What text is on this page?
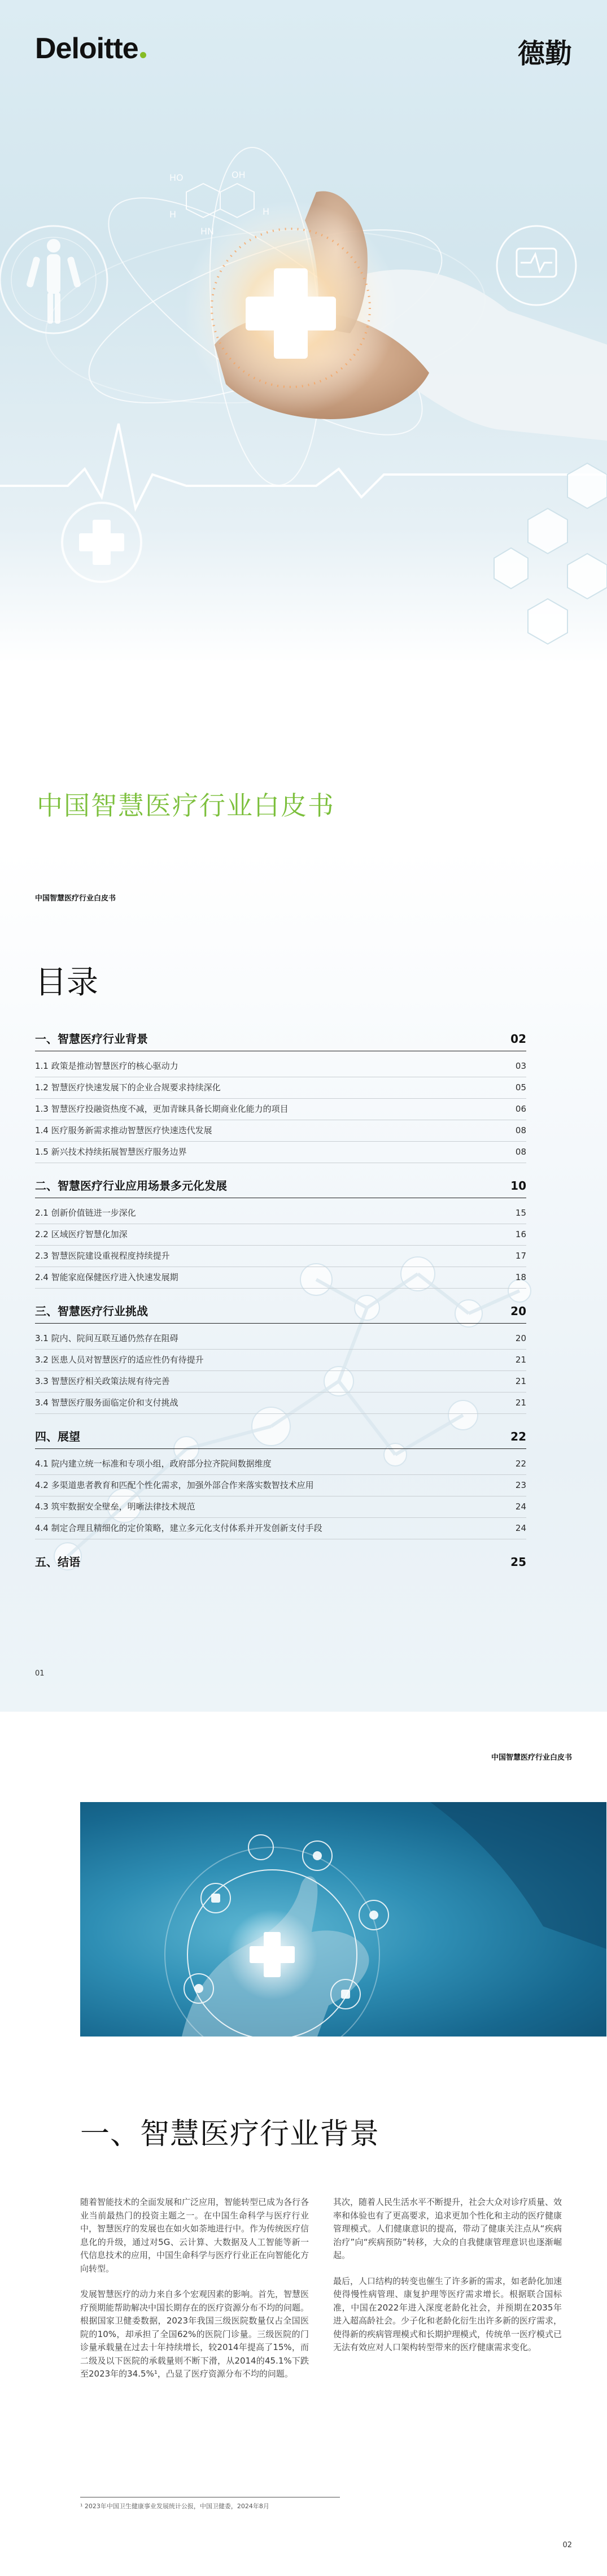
Deloitte	德勤
H
HO	OH
H
HN
中国智慧医疗行业白皮书
中国智慧医疗行业白皮书
目录
一、智慧医疗行业背景	02
1.1 政策是推动智慧医疗的核心驱动力	03
1.2 智慧医疗快速发展下的企业合规要求持续深化	05
1.3 智慧医疗投融资热度不减，更加青睐具备长期商业化能力的项目	06
1.4 医疗服务新需求推动智慧医疗快速迭代发展	08
1.5 新兴技术持续拓展智慧医疗服务边界	08
二、智慧医疗行业应用场景多元化发展	10
2.1 创新价值链进一步深化	15
2.2 区域医疗智慧化加深	16
2.3 智慧医院建设重视程度持续提升	17
2.4 智能家庭保健医疗进入快速发展期	18
三、智慧医疗行业挑战	20
3.1 院内、院间互联互通仍然存在阻碍	20
3.2 医患人员对智慧医疗的适应性仍有待提升	21
3.3 智慧医疗相关政策法规有待完善	21
3.4 智慧医疗服务面临定价和支付挑战	21
四、展望	22
4.1 院内建立统一标准和专项小组，政府部分拉齐院间数据维度	22
4.2 多渠道患者教育和匹配个性化需求，加强外部合作来落实数智技术应用	23
4.3 筑牢数据安全壁垒，明晰法律技术规范	24
4.4 制定合理且精细化的定价策略，建立多元化支付体系并开发创新支付手段	24
五、结语	25
01
中国智慧医疗行业白皮书
一、智慧医疗行业背景

随着智能技术的全面发展和广泛应用，智能转型已成为各行各业当前最热门的投资主题之一。在中国生命科学与医疗行业中，智慧医疗的发展也在如火如荼地进行中。作为传统医疗信息化的升级，通过对5G、云计算、大数据及人工智能等新一代信息技术的应用，中国生命科学与医疗行业正在向智能化方向转型。

发展智慧医疗的动力来自多个宏观因素的影响。首先，智慧医疗预期能帮助解决中国长期存在的医疗资源分布不均的问题。根据国家卫健委数据，2023年我国三级医院数量仅占全国医院的10%，却承担了全国62%的医院门诊量。三级医院的门诊量承载量在过去十年持续增长，较2014年提高了15%，而二级及以下医院的承载量则不断下滑，从2014的45.1%下跌至2023年的34.5%¹，凸显了医疗资源分布不均的问题。

其次，随着人民生活水平不断提升，社会大众对诊疗质量、效率和体验也有了更高要求，追求更加个性化和主动的医疗健康管理模式。人们健康意识的提高，带动了健康关注点从“疾病治疗”向“疾病预防”转移，大众的自我健康管理意识也逐渐崛起。

最后，人口结构的转变也催生了许多新的需求，如老龄化加速使得慢性病管理、康复护理等医疗需求增长。根据联合国标准，中国在2022年进入深度老龄化社会，并预期在2035年进入超高龄社会。少子化和老龄化衍生出许多新的医疗需求，使得新的疾病管理模式和长期护理模式，传统单一医疗模式已无法有效应对人口架构转型带来的医疗健康需求变化。

¹ 2023年中国卫生健康事业发展统计公报，中国卫健委，2024年8月
02
